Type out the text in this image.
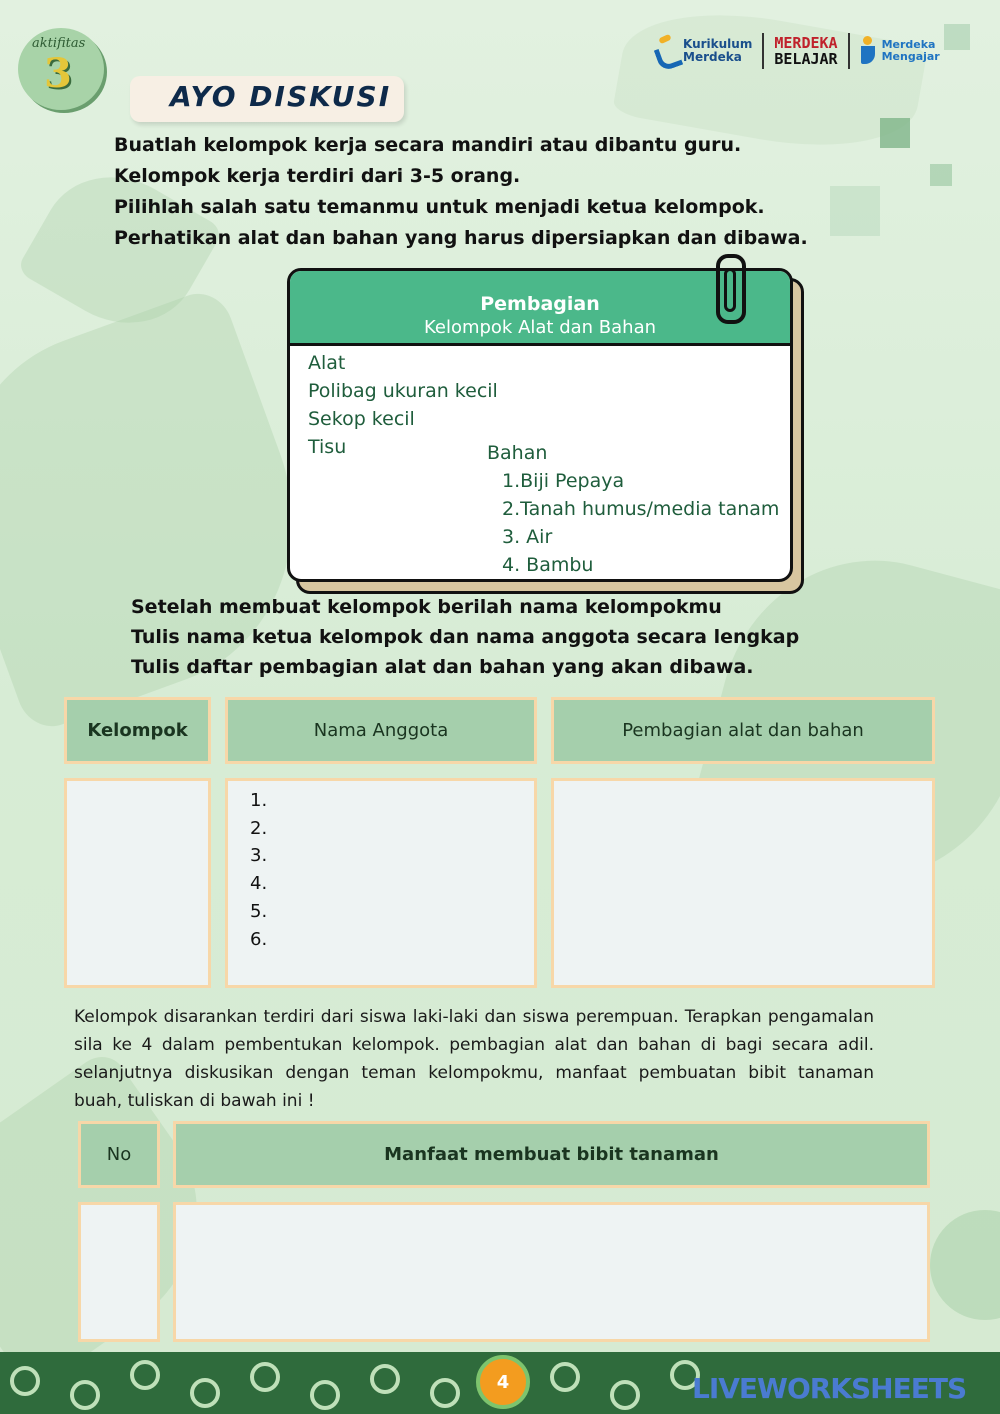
aktifitas
3	AYO DISKUSI
Kurikulum
Merdeka
MERDEKA
BELAJAR
Merdeka
Mengajar
Buatlah kelompok kerja secara mandiri atau dibantu guru.
Kelompok kerja terdiri dari 3-5 orang.
Pilihlah salah satu temanmu untuk menjadi ketua kelompok.
Perhatikan alat dan bahan yang harus dipersiapkan dan dibawa.
Pembagian
Kelompok Alat dan Bahan
Alat
Polibag ukuran kecil
Sekop kecil
Tisu	Bahan
1.Biji Pepaya
2.Tanah humus/media tanam
3. Air
4. Bambu
Setelah membuat kelompok berilah nama kelompokmu
Tulis nama ketua kelompok dan nama anggota secara lengkap
Tulis daftar pembagian alat dan bahan yang akan dibawa.
Kelompok	Nama Anggota	Pembagian alat dan bahan
1.
2.
3.
4.
5.
6.
Kelompok disarankan terdiri dari siswa laki-laki dan siswa perempuan. Terapkan pengamalan sila ke 4 dalam pembentukan kelompok. pembagian alat dan bahan di bagi secara adil. selanjutnya diskusikan dengan teman kelompokmu, manfaat pembuatan bibit tanaman buah, tuliskan di bawah ini !
No	Manfaat membuat bibit tanaman
4	LIVEWORKSHEETS
